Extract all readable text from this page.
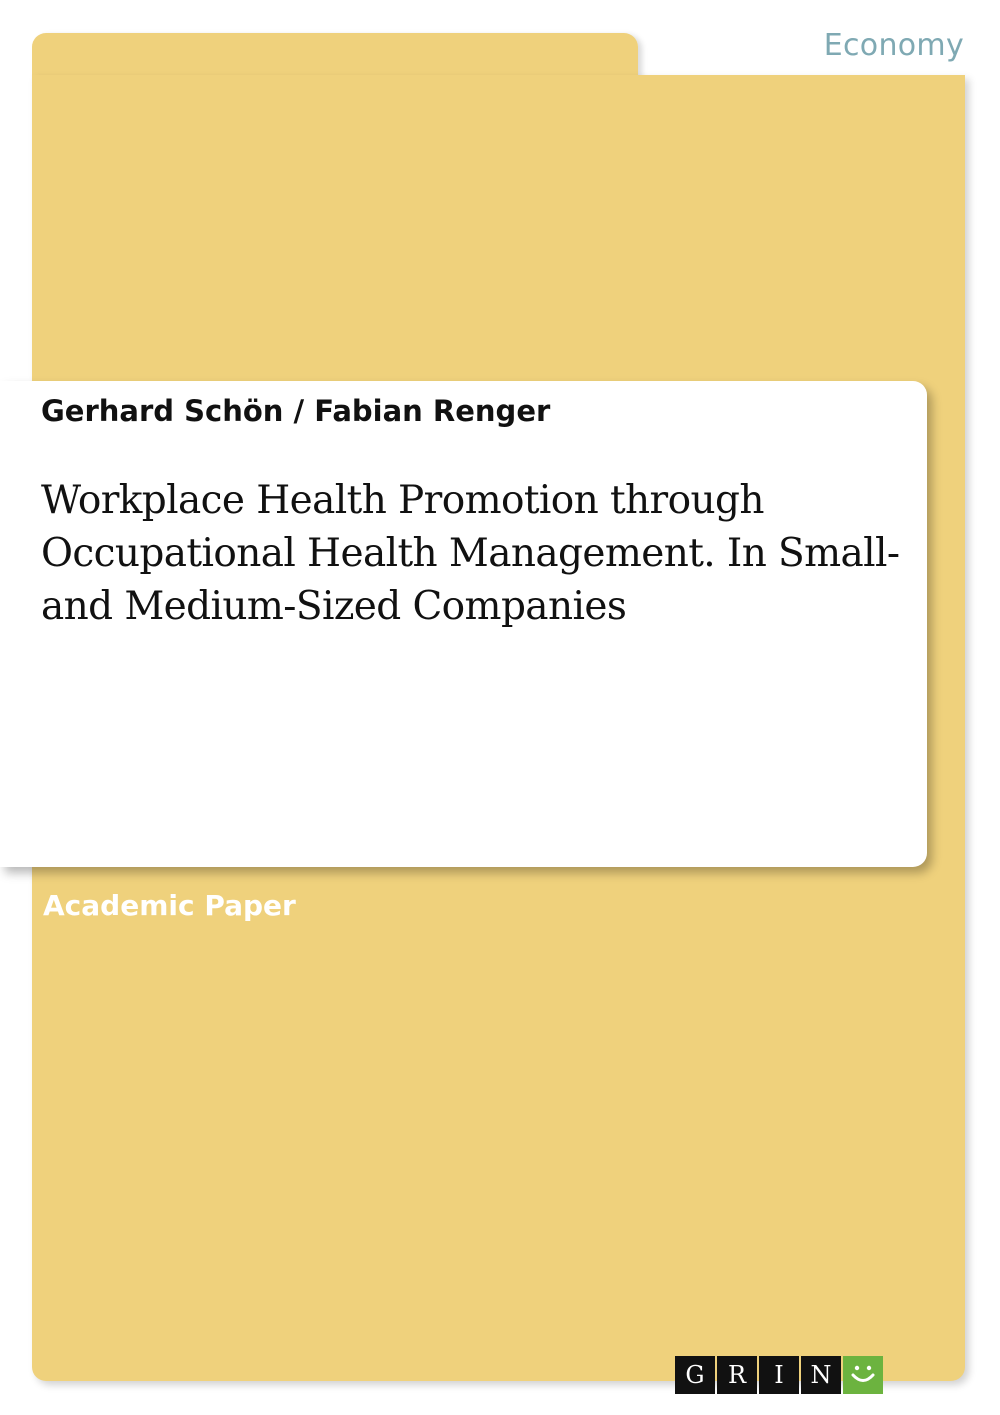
Economy
Gerhard Schön / Fabian Renger
Workplace Health Promotion through
Occupational Health Management. In Small-
and Medium-Sized Companies
Academic Paper
G R	I	N
